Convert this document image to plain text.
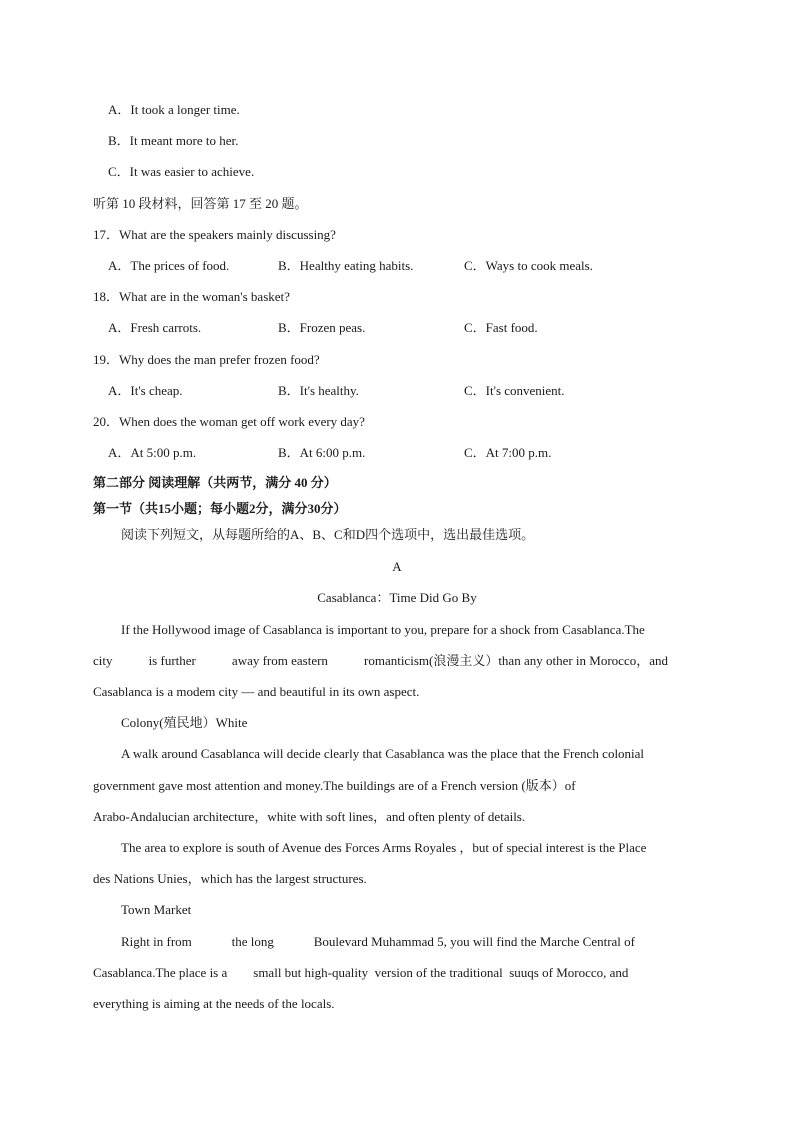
A．It took a longer time.
B．It meant more to her.
C．It was easier to achieve.
听第 10 段材料，回答第 17 至 20 题。
17．What are the speakers mainly discussing?
A．The prices of food.	B．Healthy eating habits.	C．Ways to cook meals.
18．What are in the woman's basket?
A．Fresh carrots.	B．Frozen peas.	C．Fast food.
19．Why does the man prefer frozen food?
A．It's cheap.	B．It's healthy.	C．It's convenient.
20．When does the woman get off work every day?
A．At 5:00 p.m.	B．At 6:00 p.m.	C．At 7:00 p.m.
第二部分 阅读理解（共两节，满分 40 分）
第一节（共15小题；每小题2分，满分30分）
阅读下列短文，从每题所给的A、B、C和D四个选项中，选出最佳选项。
A
Casablanca：Time Did Go By
If the Hollywood image of Casablanca is important to you, prepare for a shock from Casablanca.The
city	is further	away from eastern	romanticism(浪漫主义）than any other in Morocco，and
Casablanca is a modem city — and beautiful in its own aspect.
Colony(殖民地）White
A walk around Casablanca will decide clearly that Casablanca was the place that the French colonial
government gave most attention and money.The buildings are of a French version (版本）of
Arabo-Andalucian architecture，white with soft lines，and often plenty of details.
The area to explore is south of Avenue des Forces Arms Royales ，but of special interest is the Place
des Nations Unies，which has the largest structures.
Town Market
Right in from	the long	Boulevard Muhammad 5, you will find the Marche Central of
Casablanca.The place is a        small but high-quality  version of the traditional  suuqs of Morocco, and
everything is aiming at the needs of the locals.
